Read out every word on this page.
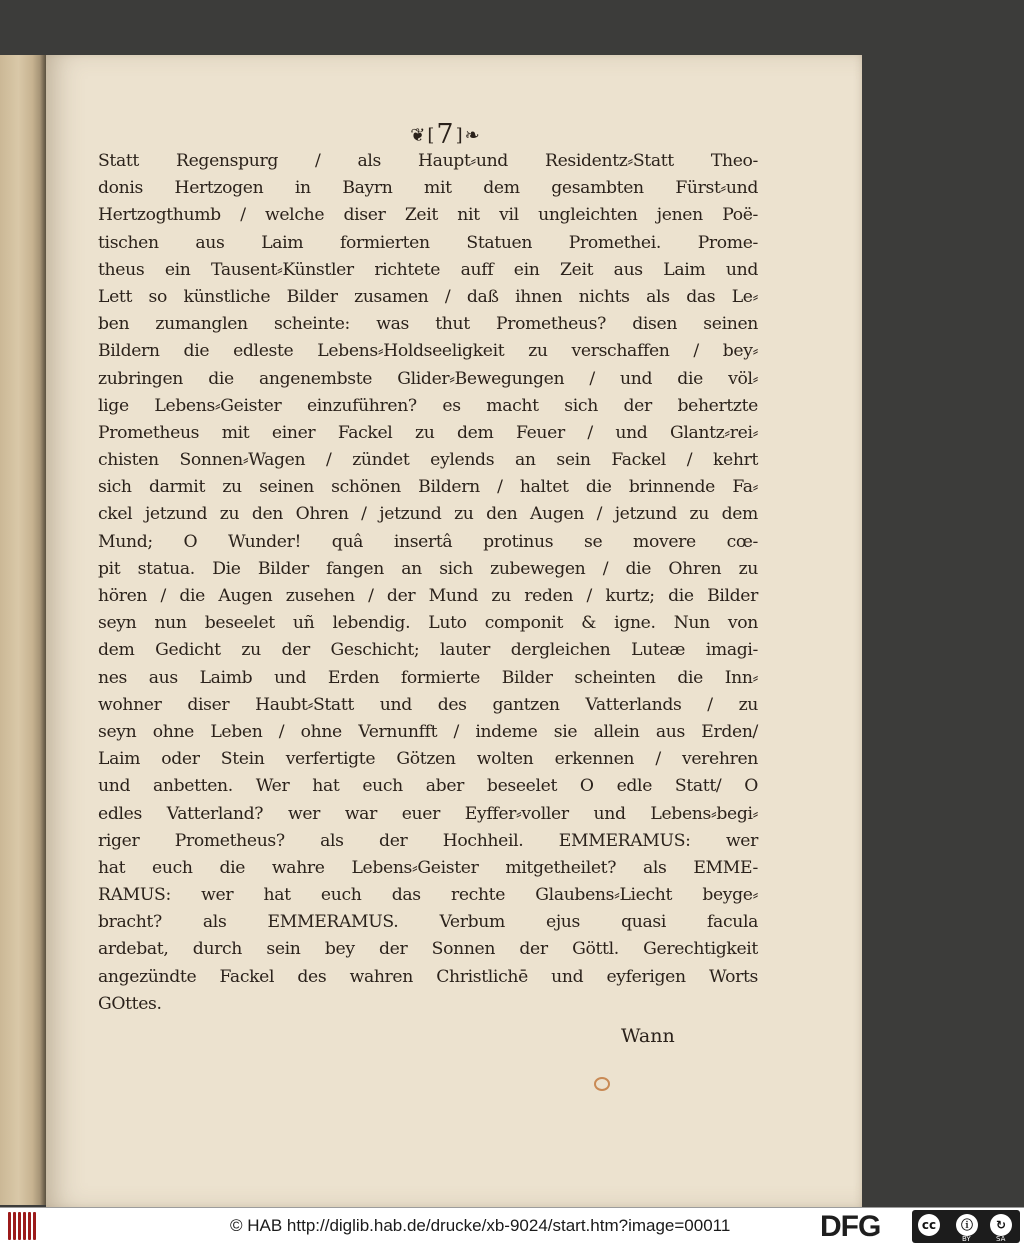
❦[7]❧
Statt Regenspurg / als Haupt⸗und Residentz⸗Statt Theo-
donis Hertzogen in Bayrn mit dem gesambten Fürst⸗und
Hertzogthumb / welche diser Zeit nit vil ungleichten jenen Poë-
tischen aus Laim formierten Statuen Promethei. Prome-
theus ein Tausent⸗Künstler richtete auff ein Zeit aus Laim und
Lett so künstliche Bilder zusamen / daß ihnen nichts als das Le⸗
ben zumanglen scheinte: was thut Prometheus? disen seinen
Bildern die edleste Lebens⸗Holdseeligkeit zu verschaffen / bey⸗
zubringen die angenembste Glider⸗Bewegungen / und die völ⸗
lige Lebens⸗Geister einzuführen? es macht sich der behertzte
Prometheus mit einer Fackel zu dem Feuer / und Glantz⸗rei⸗
chisten Sonnen⸗Wagen / zündet eylends an sein Fackel / kehrt
sich darmit zu seinen schönen Bildern / haltet die brinnende Fa⸗
ckel jetzund zu den Ohren / jetzund zu den Augen / jetzund zu dem
Mund; O Wunder! quâ insertâ protinus se movere cœ-
pit statua. Die Bilder fangen an sich zubewegen / die Ohren zu
hören / die Augen zusehen / der Mund zu reden / kurtz; die Bilder
seyn nun beseelet uñ lebendig. Luto componit & igne. Nun von
dem Gedicht zu der Geschicht; lauter dergleichen Luteæ imagi-
nes aus Laimb und Erden formierte Bilder scheinten die Inn⸗
wohner diser Haubt⸗Statt und des gantzen Vatterlands / zu
seyn ohne Leben / ohne Vernunfft / indeme sie allein aus Erden/
Laim oder Stein verfertigte Götzen wolten erkennen / verehren
und anbetten. Wer hat euch aber beseelet O edle Statt/ O
edles Vatterland? wer war euer Eyffer⸗voller und Lebens⸗begi⸗
riger Prometheus? als der Hochheil. EMMERAMUS: wer
hat euch die wahre Lebens⸗Geister mitgetheilet? als EMME-
RAMUS: wer hat euch das rechte Glaubens⸗Liecht beyge⸗
bracht? als EMMERAMUS. Verbum ejus quasi facula
ardebat, durch sein bey der Sonnen der Göttl. Gerechtigkeit
angezündte Fackel des wahren Christlichē und eyferigen Worts
GOttes.
Wann
© HAB http://diglib.hab.de/drucke/xb-9024/start.htm?image=00011	DFG	cc	ⓘ	↻
BY	SA
